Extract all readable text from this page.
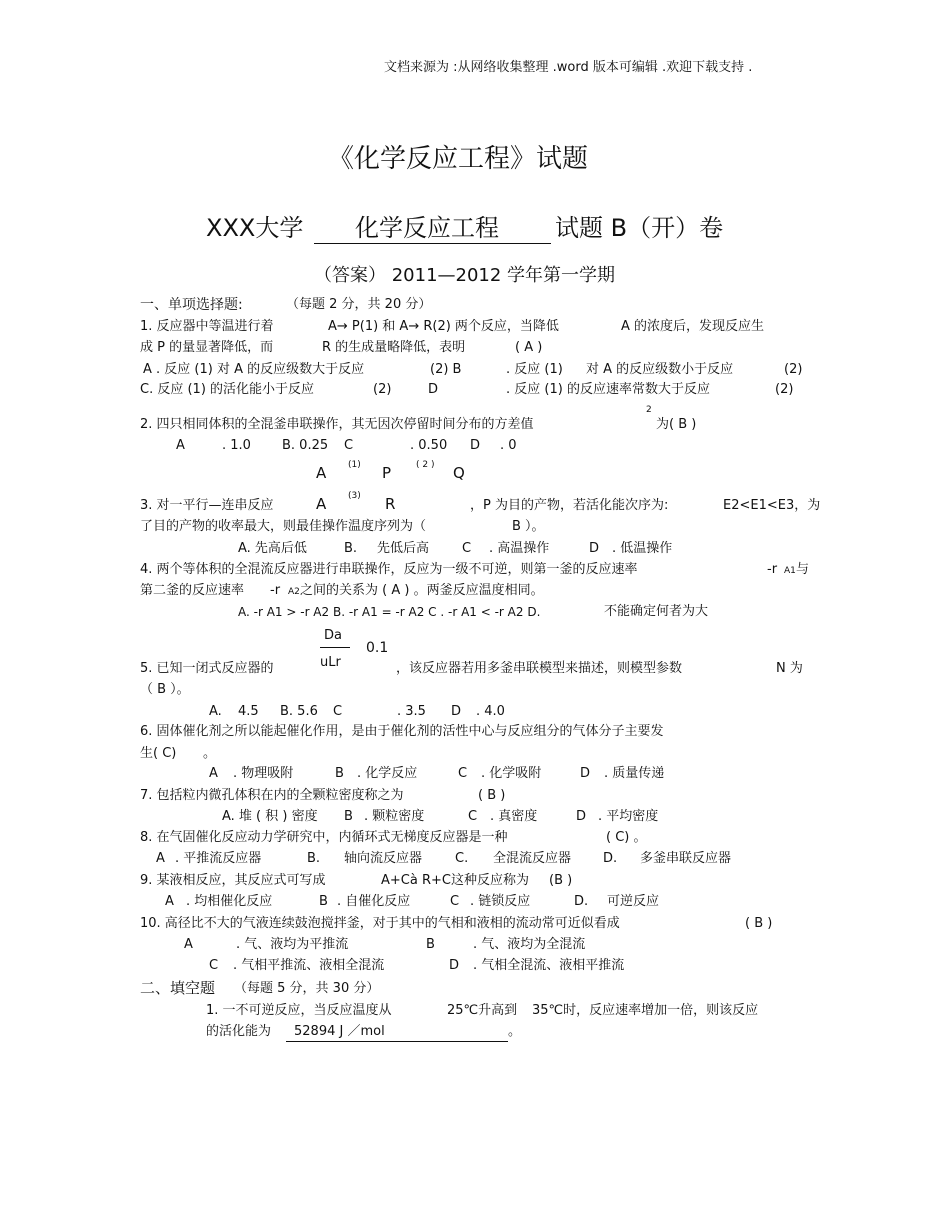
文档来源为 :从网络收集整理 .word 版本可编辑 .欢迎下载支持 .
《化学反应工程》试题
XXX大学 化学反应工程 试题 B（开）卷
（答案） 2011—2012 学年第一学期
一、单项选择题:	（每题 2 分，共 20 分）
1. 反应器中等温进行着	A→ P(1) 和 A→ R(2) 两个反应，当降低	A 的浓度后，发现反应生
成 P 的量显著降低，而	R 的生成量略降低，表明	( A )
A . 反应 (1) 对 A 的反应级数大于反应	(2) B	. 反应 (1) 对 A 的反应级数小于反应	(2)
C. 反应 (1) 的活化能小于反应	(2)	D	. 反应 (1) 的反应速率常数大于反应	(2)
2
2. 四只相同体积的全混釜串联操作，其无因次停留时间分布的方差值	为( B )
A	. 1.0 B. 0.25 C	. 0.50 D . 0
A (1) P	( 2 ) Q
A (3) R
3. 对一平行—连串反应	，P 为目的产物，若活化能次序为:	E2<E1<E3，为
了目的产物的收率最大，则最佳操作温度序列为（	B ）。
A. 先高后低	B. 先低后高	C . 高温操作	D . 低温操作
4. 两个等体积的全混流反应器进行串联操作，反应为一级不可逆，则第一釜的反应速率	-r A1 与
第二釜的反应速率 -r A2 之间的关系为 ( A ) 。两釜反应温度相同。
A. -r A1 > -r A2 B. -r A1 = -r A2 C . -r A1 < -r A2 D.	不能确定何者为大
Da
uLr
0.1
5. 已知一闭式反应器的	，该反应器若用多釜串联模型来描述，则模型参数	N 为
（ B ）。
A. 4.5 B. 5.6 C	. 3.5 D . 4.0
6. 固体催化剂之所以能起催化作用，是由于催化剂的活性中心与反应组分的气体分子主要发
生( C) 。
A . 物理吸附	B . 化学反应	C . 化学吸附	D . 质量传递
7. 包括粒内微孔体积在内的全颗粒密度称之为	( B )
A. 堆 ( 积 ) 密度 B . 颗粒密度	C . 真密度	D . 平均密度
8. 在气固催化反应动力学研究中，内循环式无梯度反应器是一种	( C) 。
A . 平推流反应器	B. 轴向流反应器	C. 全混流反应器 D. 多釜串联反应器
9. 某液相反应，其反应式可写成	A+Cà R+C这种反应称为 (B )
A . 均相催化反应	B . 自催化反应	C . 链锁反应	D. 可逆反应
10. 高径比不大的气液连续鼓泡搅拌釜，对于其中的气相和液相的流动常可近似看成	( B )
A	. 气、液均为平推流	B	. 气、液均为全混流
C . 气相平推流、液相全混流	D . 气相全混流、液相平推流
二、填空题 （每题 5 分，共 30 分）
1. 一不可逆反应，当反应温度从	25℃升高到 35℃时，反应速率增加一倍，则该反应
的活化能为 52894 J ／mol	。
